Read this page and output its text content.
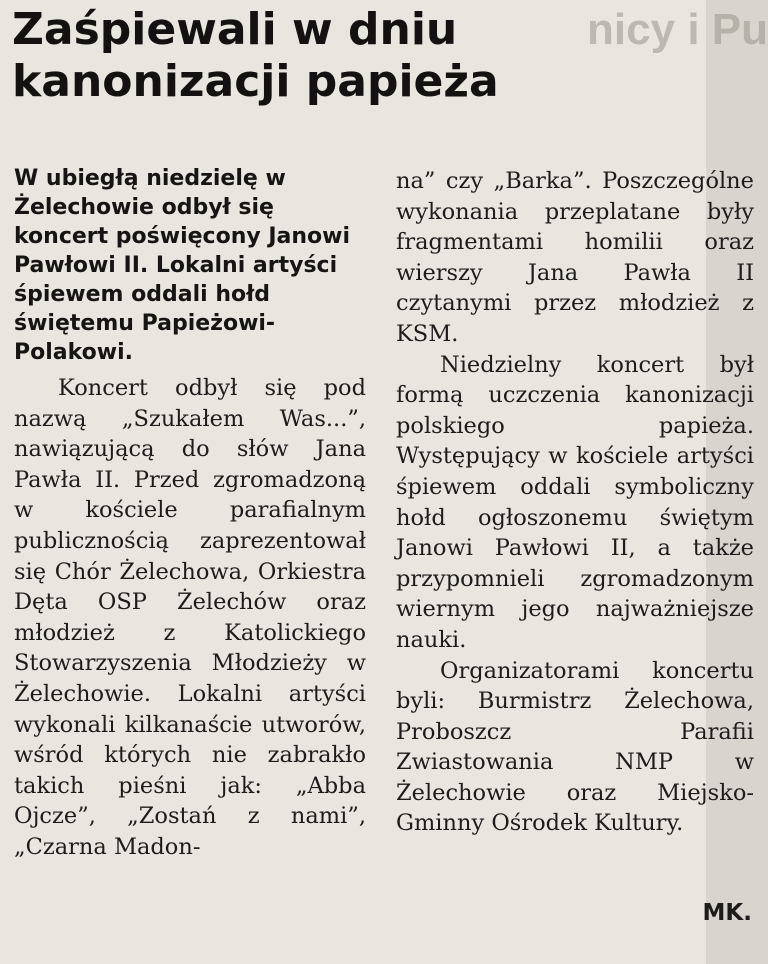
nicy i Pu
Zaśpiewali w dniu kanonizacji papieża

W ubiegłą niedzielę w Żelechowie odbył się koncert poświęcony Janowi Pawłowi II. Lokalni artyści śpiewem oddali hołd świętemu Papieżowi-Polakowi.

Koncert odbył się pod nazwą „Szukałem Was...”, nawiązującą do słów Jana Pawła II. Przed zgromadzoną w kościele parafialnym publicznością zaprezentował się Chór Żelechowa, Orkiestra Dęta OSP Żelechów oraz młodzież z Katolickiego Stowarzyszenia Młodzieży w Żelechowie. Lokalni artyści wykonali kilkanaście utworów, wśród których nie zabrakło takich pieśni jak: „Abba Ojcze”, „Zostań z nami”, „Czarna Madon-

na” czy „Barka”. Poszczególne wykonania przeplatane były fragmentami homilii oraz wierszy Jana Pawła II czytanymi przez młodzież z KSM.

Niedzielny koncert był formą uczczenia kanonizacji polskiego papieża. Występujący w kościele artyści śpiewem oddali symboliczny hołd ogłoszonemu świętym Janowi Pawłowi II, a także przypomnieli zgromadzonym wiernym jego najważniejsze nauki.

Organizatorami koncertu byli: Burmistrz Żelechowa, Proboszcz Parafii Zwiastowania NMP w Żelechowie oraz Miejsko-Gminny Ośrodek Kultury.

MK.
